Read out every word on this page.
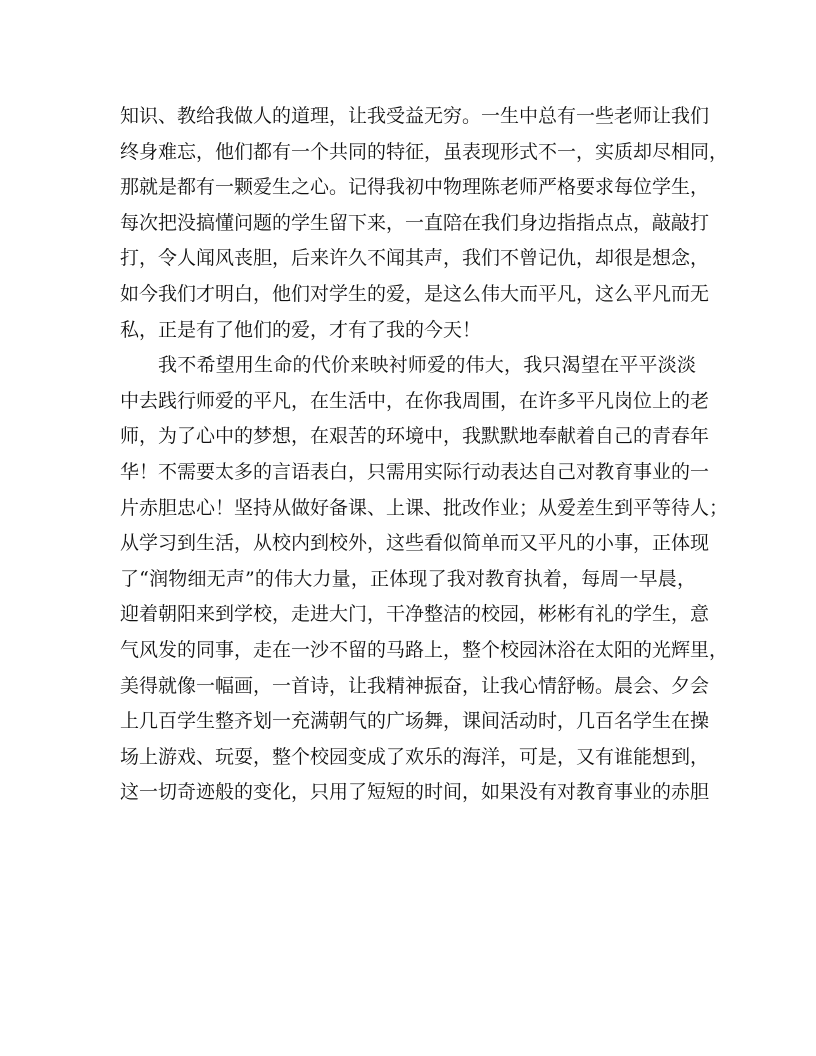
知识、教给我做人的道理，让我受益无穷。一生中总有一些老师让我们
终身难忘，他们都有一个共同的特征，虽表现形式不一，实质却尽相同，
那就是都有一颗爱生之心。记得我初中物理陈老师严格要求每位学生，
每次把没搞懂问题的学生留下来，一直陪在我们身边指指点点，敲敲打
打，令人闻风丧胆，后来许久不闻其声，我们不曾记仇，却很是想念，
如今我们才明白，他们对学生的爱，是这么伟大而平凡，这么平凡而无
私，正是有了他们的爱，才有了我的今天！
我不希望用生命的代价来映衬师爱的伟大，我只渴望在平平淡淡
中去践行师爱的平凡，在生活中，在你我周围，在许多平凡岗位上的老
师，为了心中的梦想，在艰苦的环境中，我默默地奉献着自己的青春年
华！不需要太多的言语表白，只需用实际行动表达自己对教育事业的一
片赤胆忠心！坚持从做好备课、上课、批改作业；从爱差生到平等待人；
从学习到生活，从校内到校外，这些看似简单而又平凡的小事，正体现
了“润物细无声”的伟大力量，正体现了我对教育执着，每周一早晨，
迎着朝阳来到学校，走进大门，干净整洁的校园，彬彬有礼的学生，意
气风发的同事，走在一沙不留的马路上，整个校园沐浴在太阳的光辉里，
美得就像一幅画，一首诗，让我精神振奋，让我心情舒畅。晨会、夕会
上几百学生整齐划一充满朝气的广场舞，课间活动时，几百名学生在操
场上游戏、玩耍，整个校园变成了欢乐的海洋，可是，又有谁能想到，
这一切奇迹般的变化，只用了短短的时间，如果没有对教育事业的赤胆
